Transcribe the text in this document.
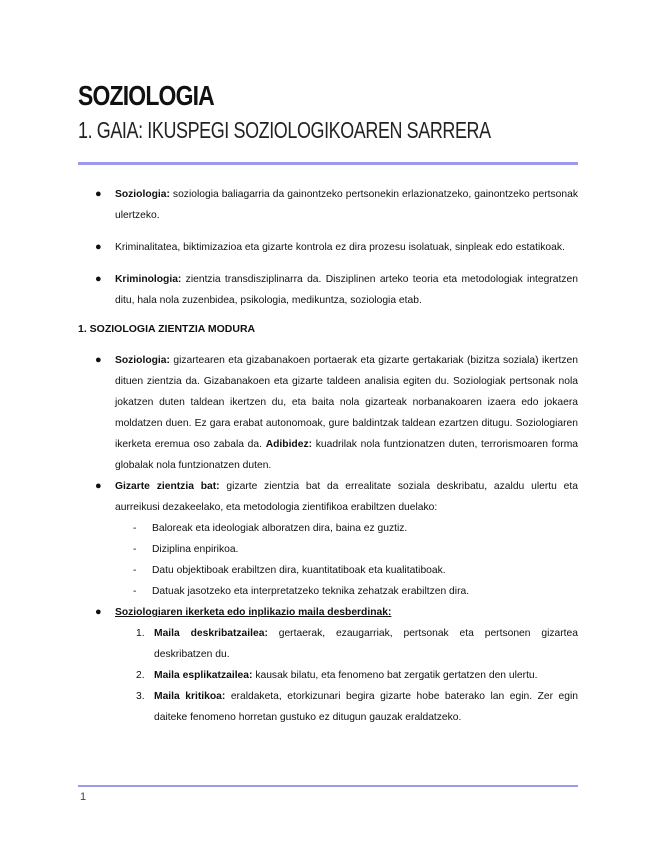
SOZIOLOGIA
1. GAIA: IKUSPEGI SOZIOLOGIKOAREN SARRERA

● Soziologia: soziologia baliagarria da gainontzeko pertsonekin erlazionatzeko, gainontzeko pertsonak ulertzeko.

● Kriminalitatea, biktimizazioa eta gizarte kontrola ez dira prozesu isolatuak, sinpleak edo estatikoak.

● Kriminologia: zientzia transdisziplinarra da. Disziplinen arteko teoria eta metodologiak integratzen ditu, hala nola zuzenbidea, psikologia, medikuntza, soziologia etab.

1. SOZIOLOGIA ZIENTZIA MODURA

● Soziologia: gizartearen eta gizabanakoen portaerak eta gizarte gertakariak (bizitza soziala) ikertzen dituen zientzia da. Gizabanakoen eta gizarte taldeen analisia egiten du. Soziologiak pertsonak nola jokatzen duten taldean ikertzen du, eta baita nola gizarteak norbanakoaren izaera edo jokaera moldatzen duen. Ez gara erabat autonomoak, gure baldintzak taldean ezartzen ditugu. Soziologiaren ikerketa eremua oso zabala da. Adibidez: kuadrilak nola funtzionatzen duten, terrorismoaren forma globalak nola funtzionatzen duten.

● Gizarte zientzia bat: gizarte zientzia bat da errealitate soziala deskribatu, azaldu ulertu eta aurreikusi dezakeelako, eta metodologia zientifikoa erabiltzen duelako:

- Baloreak eta ideologiak alboratzen dira, baina ez guztiz.

- Diziplina enpirikoa.

- Datu objektiboak erabiltzen dira, kuantitatiboak eta kualitatiboak.

- Datuak jasotzeko eta interpretatzeko teknika zehatzak erabiltzen dira.

● Soziologiaren ikerketa edo inplikazio maila desberdinak:

1. Maila deskribatzailea: gertaerak, ezaugarriak, pertsonak eta pertsonen gizartea deskribatzen du.

2. Maila esplikatzailea: kausak bilatu, eta fenomeno bat zergatik gertatzen den ulertu.

3. Maila kritikoa: eraldaketa, etorkizunari begira gizarte hobe baterako lan egin. Zer egin daiteke fenomeno horretan gustuko ez ditugun gauzak eraldatzeko.

1
